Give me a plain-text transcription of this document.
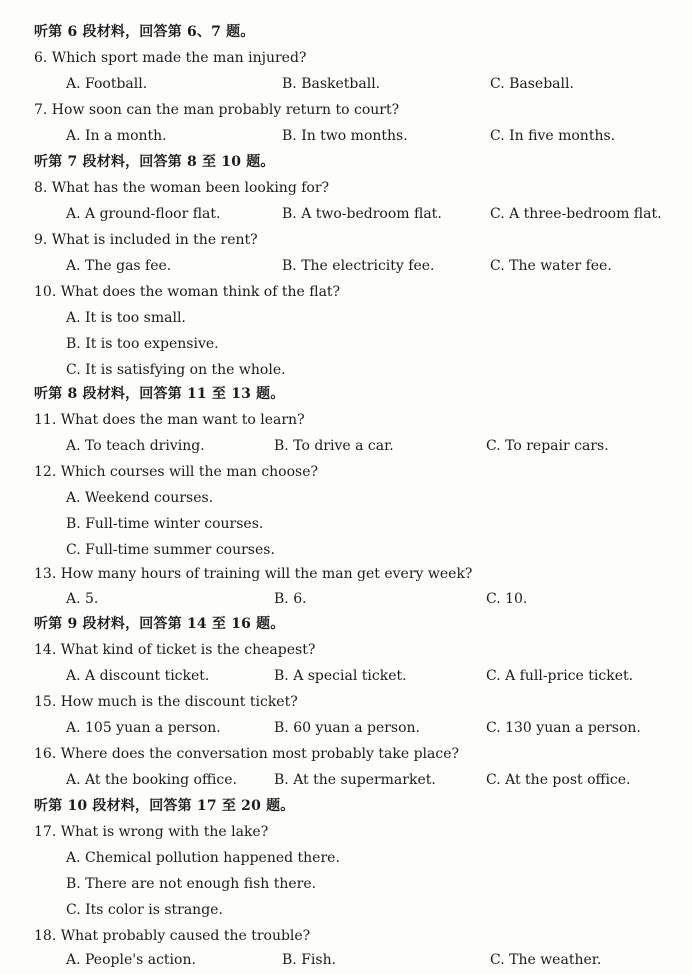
听第 6 段材料，回答第 6、7 题。
6. Which sport made the man injured?
A. Football.	B. Basketball.	C. Baseball.
7. How soon can the man probably return to court?
A. In a month.	B. In two months.	C. In five months.
听第 7 段材料，回答第 8 至 10 题。
8. What has the woman been looking for?
A. A ground-floor flat.	B. A two-bedroom flat.	C. A three-bedroom flat.
9. What is included in the rent?
A. The gas fee.	B. The electricity fee.	C. The water fee.
10. What does the woman think of the flat?
A. It is too small.
B. It is too expensive.
C. It is satisfying on the whole.
听第 8 段材料，回答第 11 至 13 题。
11. What does the man want to learn?
A. To teach driving.	B. To drive a car.	C. To repair cars.
12. Which courses will the man choose?
A. Weekend courses.
B. Full-time winter courses.
C. Full-time summer courses.
13. How many hours of training will the man get every week?
A. 5.	B. 6.	C. 10.
听第 9 段材料，回答第 14 至 16 题。
14. What kind of ticket is the cheapest?
A. A discount ticket.	B. A special ticket.	C. A full-price ticket.
15. How much is the discount ticket?
A. 105 yuan a person.	B. 60 yuan a person.	C. 130 yuan a person.
16. Where does the conversation most probably take place?
A. At the booking office.	B. At the supermarket.	C. At the post office.
听第 10 段材料，回答第 17 至 20 题。
17. What is wrong with the lake?
A. Chemical pollution happened there.
B. There are not enough fish there.
C. Its color is strange.
18. What probably caused the trouble?
A. People's action.	B. Fish.	C. The weather.
